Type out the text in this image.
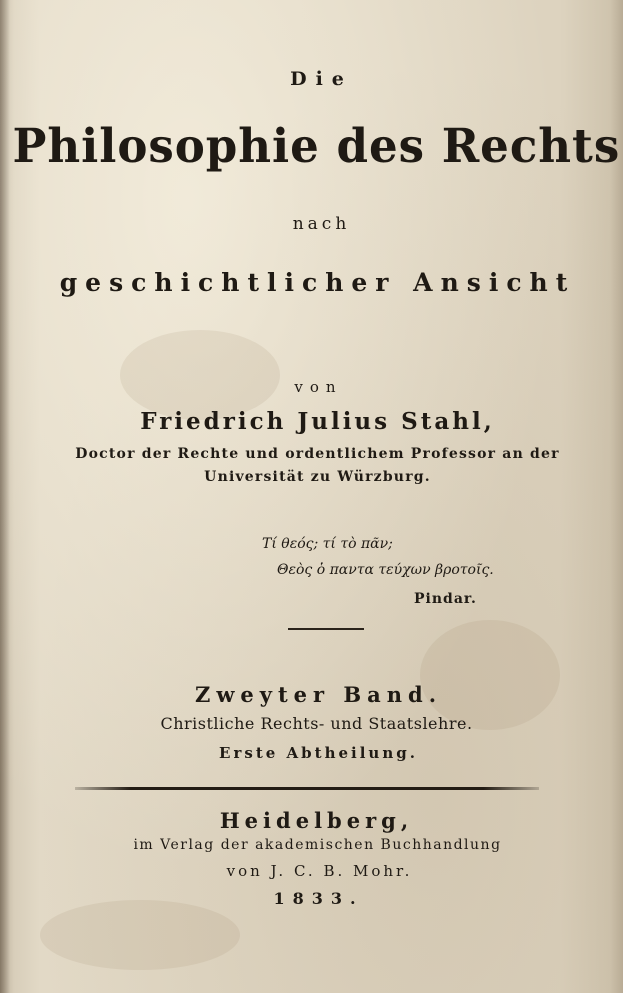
Die
Philosophie des Rechts
nach
geschichtlicher Ansicht
von
Friedrich Julius Stahl,
Doctor der Rechte und ordentlichem Professor an der
Universität zu Würzburg.
Τί θεός; τί τὸ πᾶν;
Θεὸς ὁ παντα τεύχων βροτοῖς.
Pindar.
Zweyter Band.
Christliche Rechts- und Staatslehre.
Erste Abtheilung.
Heidelberg,
im Verlag der akademischen Buchhandlung
von J. C. B. Mohr.
1833.
